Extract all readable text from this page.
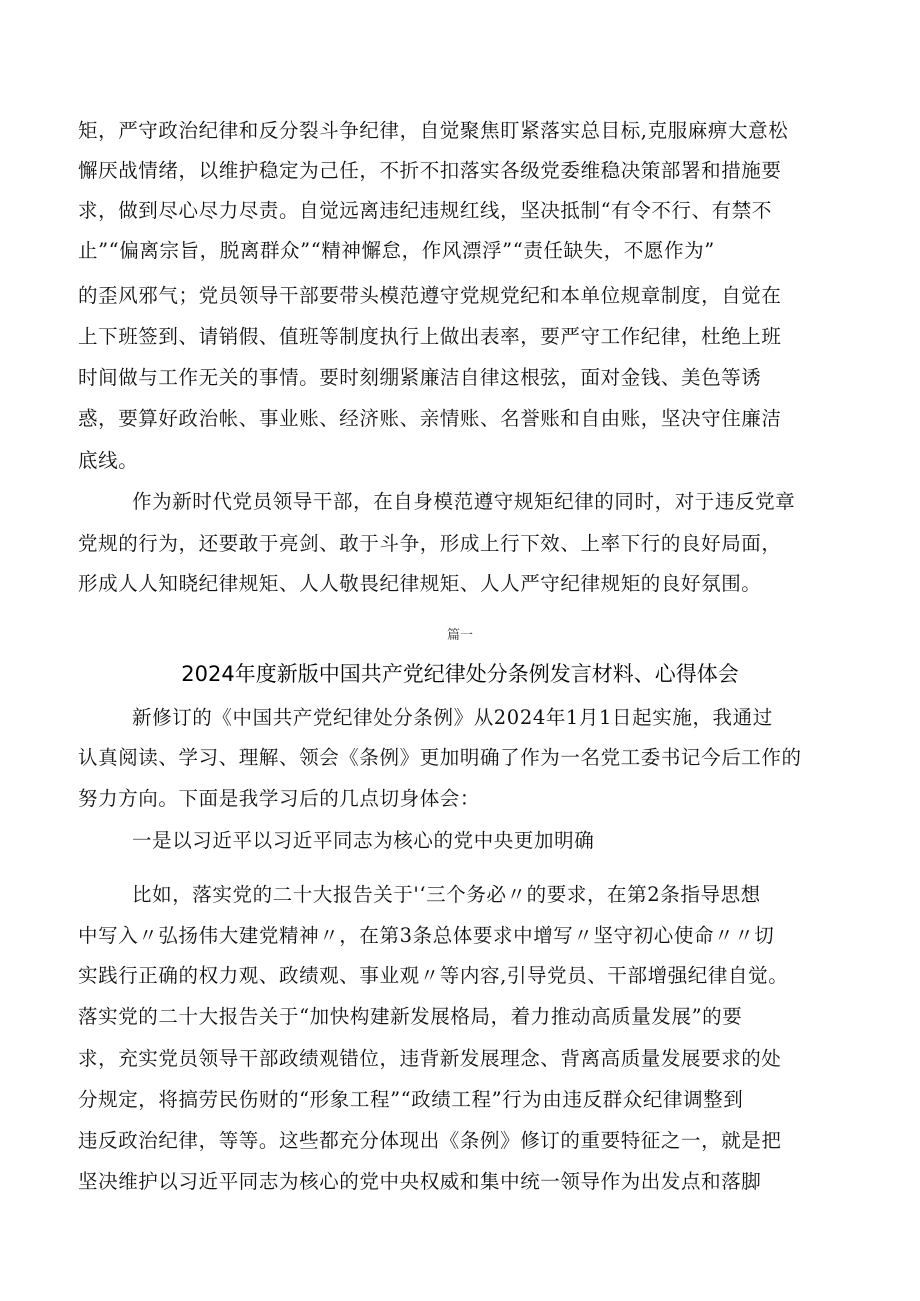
矩，严守政治纪律和反分裂斗争纪律，自觉聚焦盯紧落实总目标,克服麻痹大意松
懈厌战情绪，以维护稳定为己任，不折不扣落实各级党委维稳决策部署和措施要
求，做到尽心尽力尽责。自觉远离违纪违规红线，坚决抵制“有令不行、有禁不
止”“偏离宗旨，脱离群众”“精神懈怠，作风漂浮”“责任缺失，不愿作为”
的歪风邪气；党员领导干部要带头模范遵守党规党纪和本单位规章制度，自觉在
上下班签到、请销假、值班等制度执行上做出表率，要严守工作纪律，杜绝上班
时间做与工作无关的事情。要时刻绷紧廉洁自律这根弦，面对金钱、美色等诱
惑，要算好政治帐、事业账、经济账、亲情账、名誉账和自由账，坚决守住廉洁
底线。
作为新时代党员领导干部，在自身模范遵守规矩纪律的同时，对于违反党章
党规的行为，还要敢于亮剑、敢于斗争，形成上行下效、上率下行的良好局面，
形成人人知晓纪律规矩、人人敬畏纪律规矩、人人严守纪律规矩的良好氛围。
篇一
2024年度新版中国共产党纪律处分条例发言材料、心得体会
新修订的《中国共产党纪律处分条例》从2024年1月1日起实施，我通过
认真阅读、学习、理解、领会《条例》更加明确了作为一名党工委书记今后工作的
努力方向。下面是我学习后的几点切身体会：
一是以习近平以习近平同志为核心的党中央更加明确
比如，落实党的二十大报告关于'‘三个务必〃的要求，在第2条指导思想
中写入〃弘扬伟大建党精神〃，在第3条总体要求中增写〃坚守初心使命〃〃切
实践行正确的权力观、政绩观、事业观〃等内容,引导党员、干部增强纪律自觉。
落实党的二十大报告关于“加快构建新发展格局，着力推动高质量发展”的要
求，充实党员领导干部政绩观错位，违背新发展理念、背离高质量发展要求的处
分规定，将搞劳民伤财的“形象工程”“政绩工程”行为由违反群众纪律调整到
违反政治纪律，等等。这些都充分体现出《条例》修订的重要特征之一，就是把
坚决维护以习近平同志为核心的党中央权威和集中统一领导作为出发点和落脚
